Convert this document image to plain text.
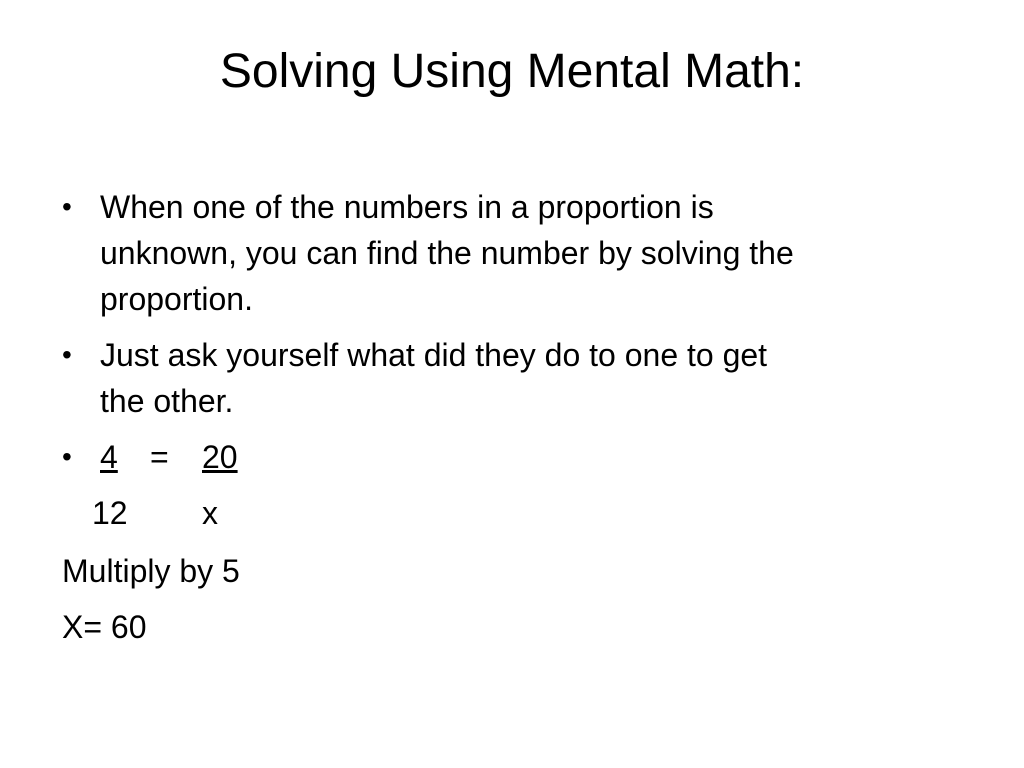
Solving Using Mental Math:
• When one of the numbers in a proportion is
unknown, you can find the number by solving the
proportion.
• Just ask yourself what did they do to one to get
the other.
• 4 = 20
12 x
Multiply by 5
X= 60
